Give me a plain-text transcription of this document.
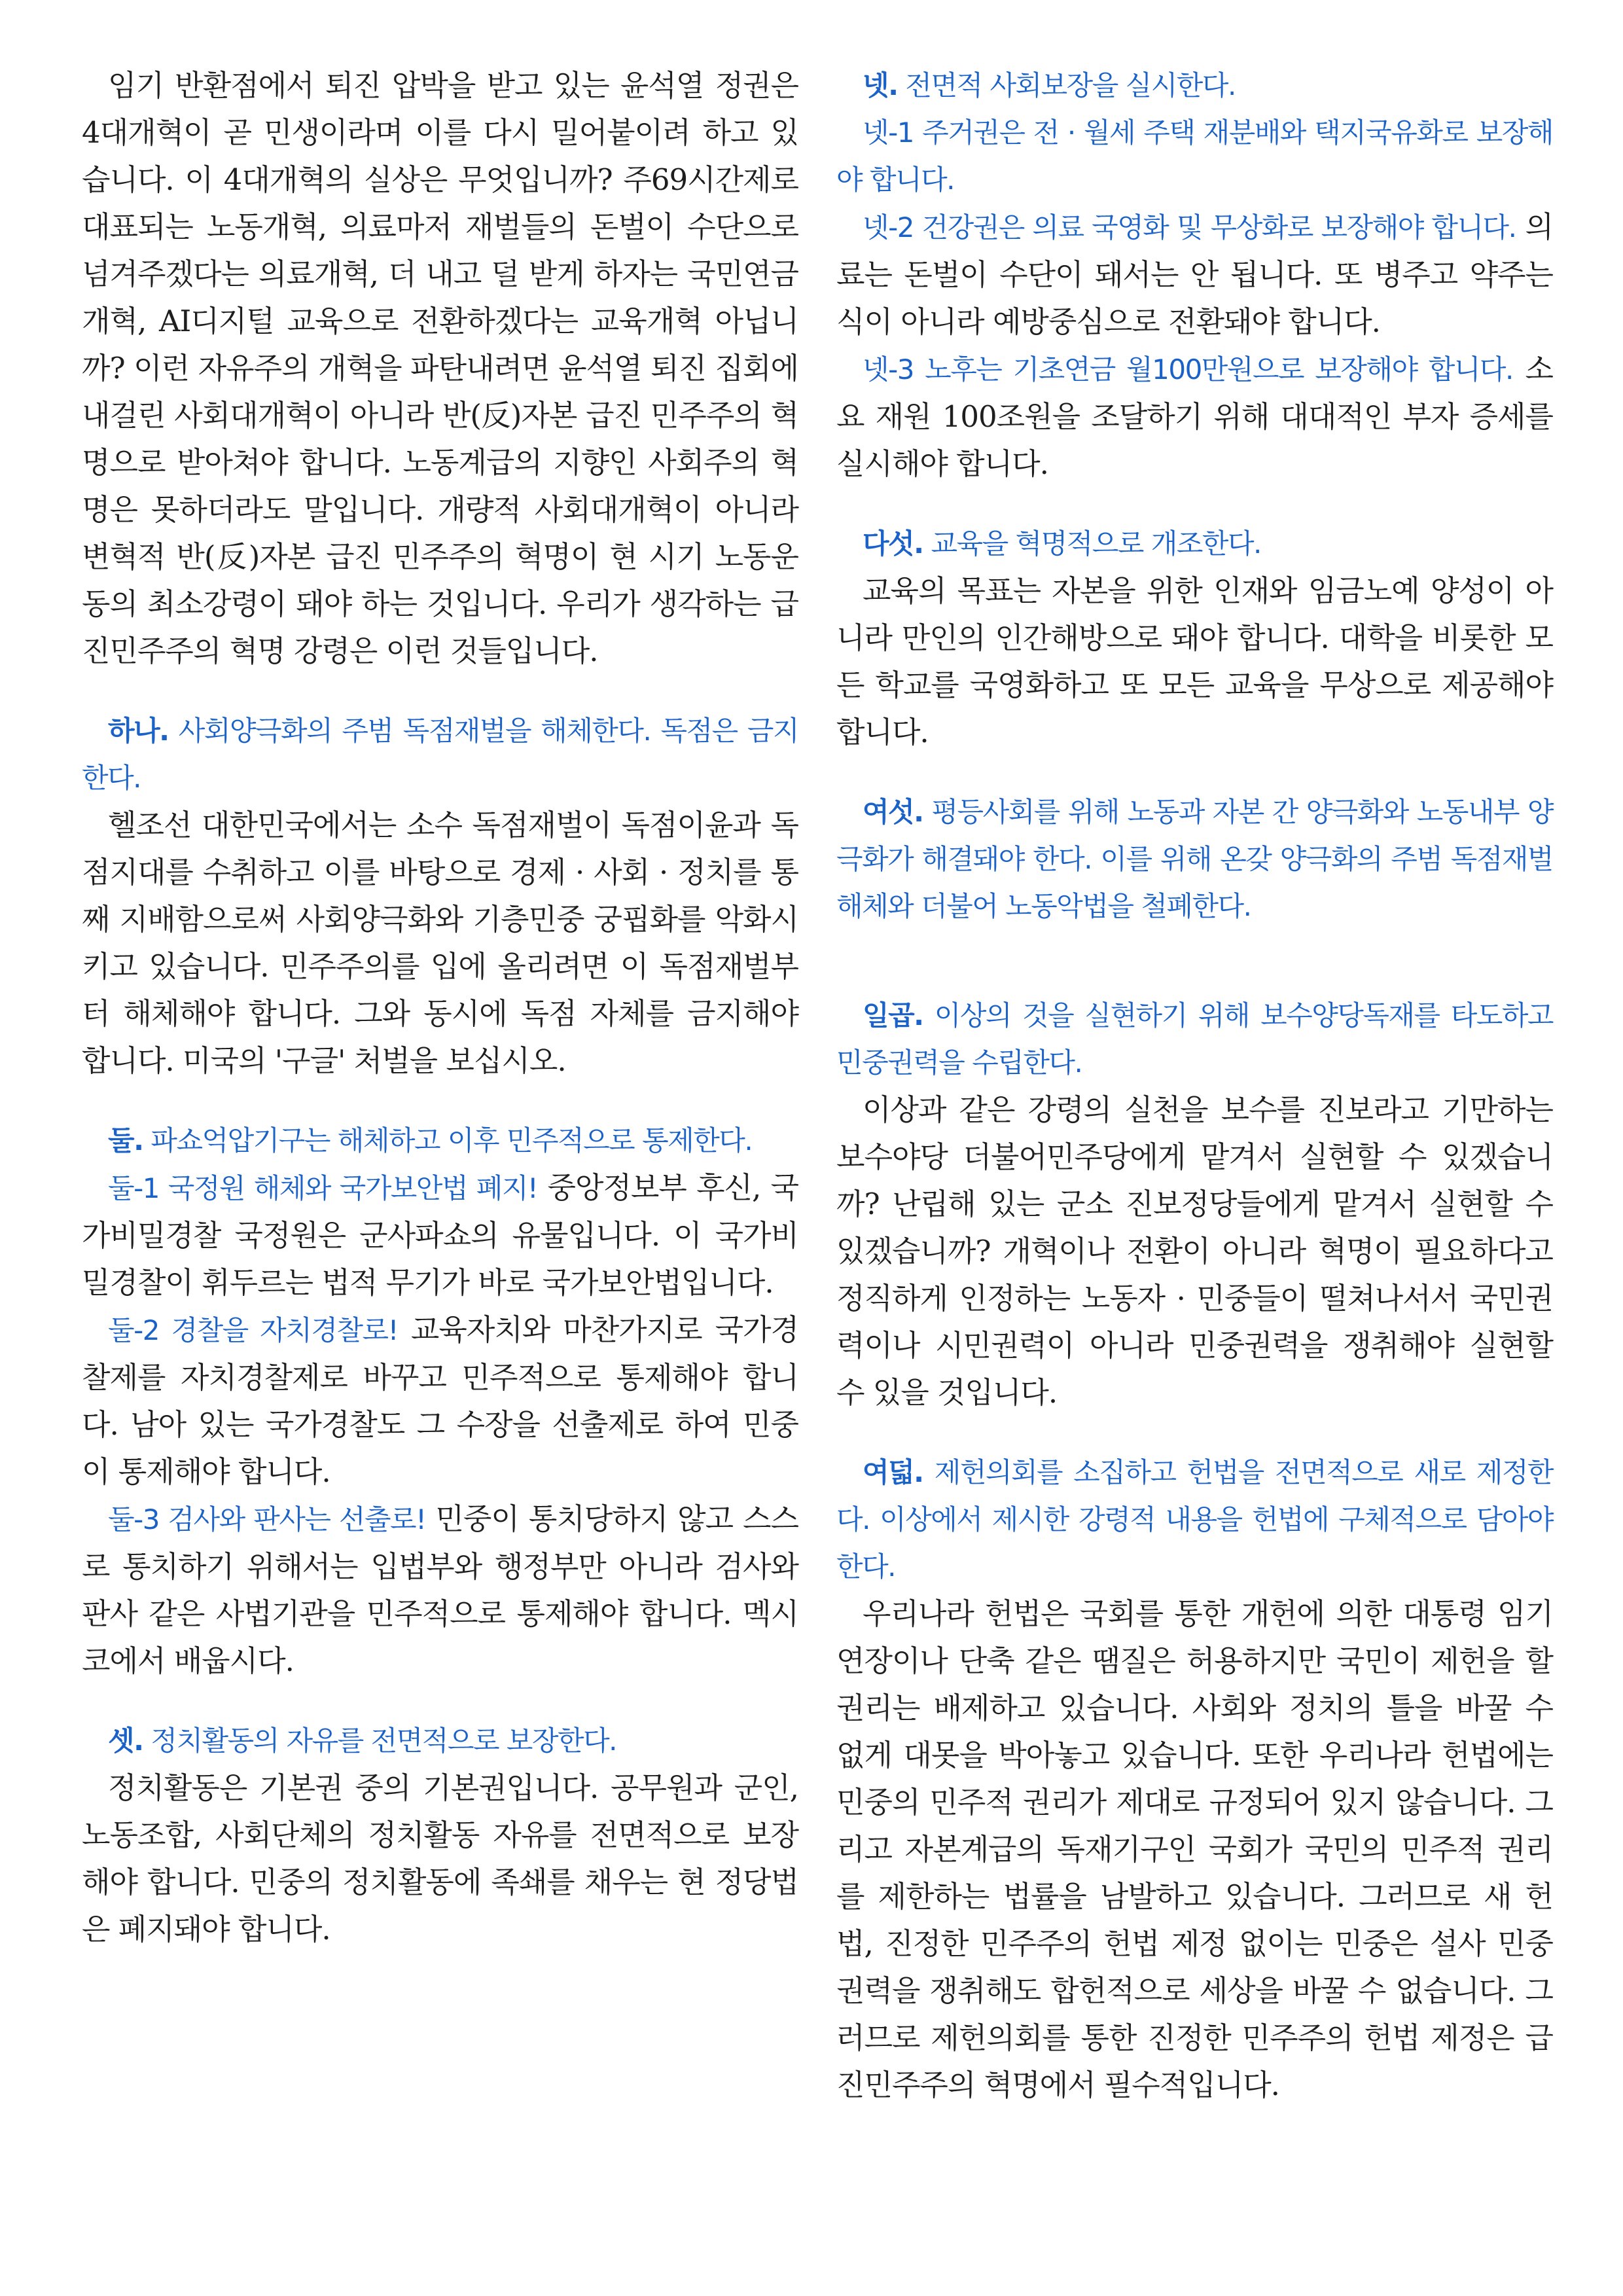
임기 반환점에서 퇴진 압박을 받고 있는 윤석열 정권은 4대개혁이 곧 민생이라며 이를 다시 밀어붙이려 하고 있습니다. 이 4대개혁의 실상은 무엇입니까? 주69시간제로 대표되는 노동개혁, 의료마저 재벌들의 돈벌이 수단으로 넘겨주겠다는 의료개혁, 더 내고 덜 받게 하자는 국민연금개혁, AI디지털 교육으로 전환하겠다는 교육개혁 아닙니까? 이런 자유주의 개혁을 파탄내려면 윤석열 퇴진 집회에 내걸린 사회대개혁이 아니라 반(反)자본 급진 민주주의 혁명으로 받아쳐야 합니다. 노동계급의 지향인 사회주의 혁명은 못하더라도 말입니다. 개량적 사회대개혁이 아니라 변혁적 반(反)자본 급진 민주주의 혁명이 현 시기 노동운동의 최소강령이 돼야 하는 것입니다. 우리가 생각하는 급진민주주의 혁명 강령은 이런 것들입니다.

하나. 사회양극화의 주범 독점재벌을 해체한다. 독점은 금지한다.

헬조선 대한민국에서는 소수 독점재벌이 독점이윤과 독점지대를 수취하고 이를 바탕으로 경제 · 사회 · 정치를 통째 지배함으로써 사회양극화와 기층민중 궁핍화를 악화시키고 있습니다. 민주주의를 입에 올리려면 이 독점재벌부터 해체해야 합니다. 그와 동시에 독점 자체를 금지해야 합니다. 미국의 '구글' 처벌을 보십시오.

둘. 파쇼억압기구는 해체하고 이후 민주적으로 통제한다.

둘-1 국정원 해체와 국가보안법 폐지! 중앙정보부 후신, 국가비밀경찰 국정원은 군사파쇼의 유물입니다. 이 국가비밀경찰이 휘두르는 법적 무기가 바로 국가보안법입니다.

둘-2 경찰을 자치경찰로! 교육자치와 마찬가지로 국가경찰제를 자치경찰제로 바꾸고 민주적으로 통제해야 합니다. 남아 있는 국가경찰도 그 수장을 선출제로 하여 민중이 통제해야 합니다.

둘-3 검사와 판사는 선출로! 민중이 통치당하지 않고 스스로 통치하기 위해서는 입법부와 행정부만 아니라 검사와 판사 같은 사법기관을 민주적으로 통제해야 합니다. 멕시코에서 배웁시다.

셋. 정치활동의 자유를 전면적으로 보장한다.

정치활동은 기본권 중의 기본권입니다. 공무원과 군인, 노동조합, 사회단체의 정치활동 자유를 전면적으로 보장해야 합니다. 민중의 정치활동에 족쇄를 채우는 현 정당법은 폐지돼야 합니다.

넷. 전면적 사회보장을 실시한다.

넷-1 주거권은 전 · 월세 주택 재분배와 택지국유화로 보장해야 합니다.

넷-2 건강권은 의료 국영화 및 무상화로 보장해야 합니다. 의료는 돈벌이 수단이 돼서는 안 됩니다. 또 병주고 약주는 식이 아니라 예방중심으로 전환돼야 합니다.

넷-3 노후는 기초연금 월100만원으로 보장해야 합니다. 소요 재원 100조원을 조달하기 위해 대대적인 부자 증세를 실시해야 합니다.

다섯. 교육을 혁명적으로 개조한다.

교육의 목표는 자본을 위한 인재와 임금노예 양성이 아니라 만인의 인간해방으로 돼야 합니다. 대학을 비롯한 모든 학교를 국영화하고 또 모든 교육을 무상으로 제공해야 합니다.

여섯. 평등사회를 위해 노동과 자본 간 양극화와 노동내부 양극화가 해결돼야 한다. 이를 위해 온갖 양극화의 주범 독점재벌 해체와 더불어 노동악법을 철폐한다.

일곱. 이상의 것을 실현하기 위해 보수양당독재를 타도하고 민중권력을 수립한다.

이상과 같은 강령의 실천을 보수를 진보라고 기만하는 보수야당 더불어민주당에게 맡겨서 실현할 수 있겠습니까? 난립해 있는 군소 진보정당들에게 맡겨서 실현할 수 있겠습니까? 개혁이나 전환이 아니라 혁명이 필요하다고 정직하게 인정하는 노동자 · 민중들이 떨쳐나서서 국민권력이나 시민권력이 아니라 민중권력을 쟁취해야 실현할 수 있을 것입니다.

여덟. 제헌의회를 소집하고 헌법을 전면적으로 새로 제정한다. 이상에서 제시한 강령적 내용을 헌법에 구체적으로 담아야 한다.

우리나라 헌법은 국회를 통한 개헌에 의한 대통령 임기연장이나 단축 같은 땜질은 허용하지만 국민이 제헌을 할 권리는 배제하고 있습니다. 사회와 정치의 틀을 바꿀 수 없게 대못을 박아놓고 있습니다. 또한 우리나라 헌법에는 민중의 민주적 권리가 제대로 규정되어 있지 않습니다. 그리고 자본계급의 독재기구인 국회가 국민의 민주적 권리를 제한하는 법률을 남발하고 있습니다. 그러므로 새 헌법, 진정한 민주주의 헌법 제정 없이는 민중은 설사 민중권력을 쟁취해도 합헌적으로 세상을 바꿀 수 없습니다. 그러므로 제헌의회를 통한 진정한 민주주의 헌법 제정은 급진민주주의 혁명에서 필수적입니다.
